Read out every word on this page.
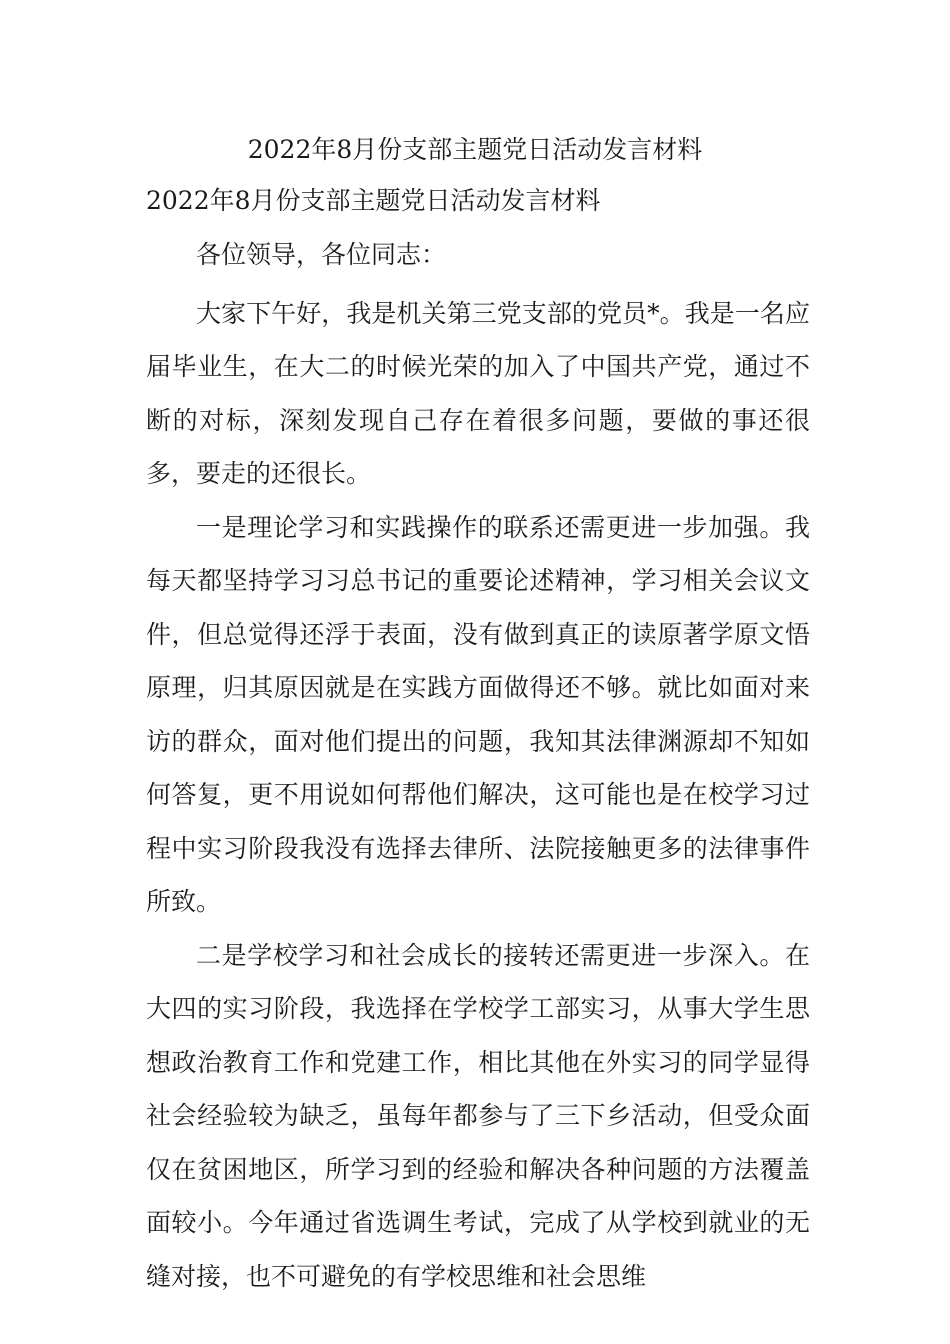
2022年8月份支部主题党日活动发言材料
2022年8月份支部主题党日活动发言材料

各位领导，各位同志：

大家下午好，我是机关第三党支部的党员*。我是一名应届毕业生，在大二的时候光荣的加入了中国共产党，通过不断的对标，深刻发现自己存在着很多问题，要做的事还很多，要走的还很长。

一是理论学习和实践操作的联系还需更进一步加强。我每天都坚持学习习总书记的重要论述精神，学习相关会议文件，但总觉得还浮于表面，没有做到真正的读原著学原文悟原理，归其原因就是在实践方面做得还不够。就比如面对来访的群众，面对他们提出的问题，我知其法律渊源却不知如何答复，更不用说如何帮他们解决，这可能也是在校学习过程中实习阶段我没有选择去律所、法院接触更多的法律事件所致。

二是学校学习和社会成长的接转还需更进一步深入。在大四的实习阶段，我选择在学校学工部实习，从事大学生思想政治教育工作和党建工作，相比其他在外实习的同学显得社会经验较为缺乏，虽每年都参与了三下乡活动，但受众面仅在贫困地区，所学习到的经验和解决各种问题的方法覆盖面较小。今年通过省选调生考试，完成了从学校到就业的无缝对接，也不可避免的有学校思维和社会思维
